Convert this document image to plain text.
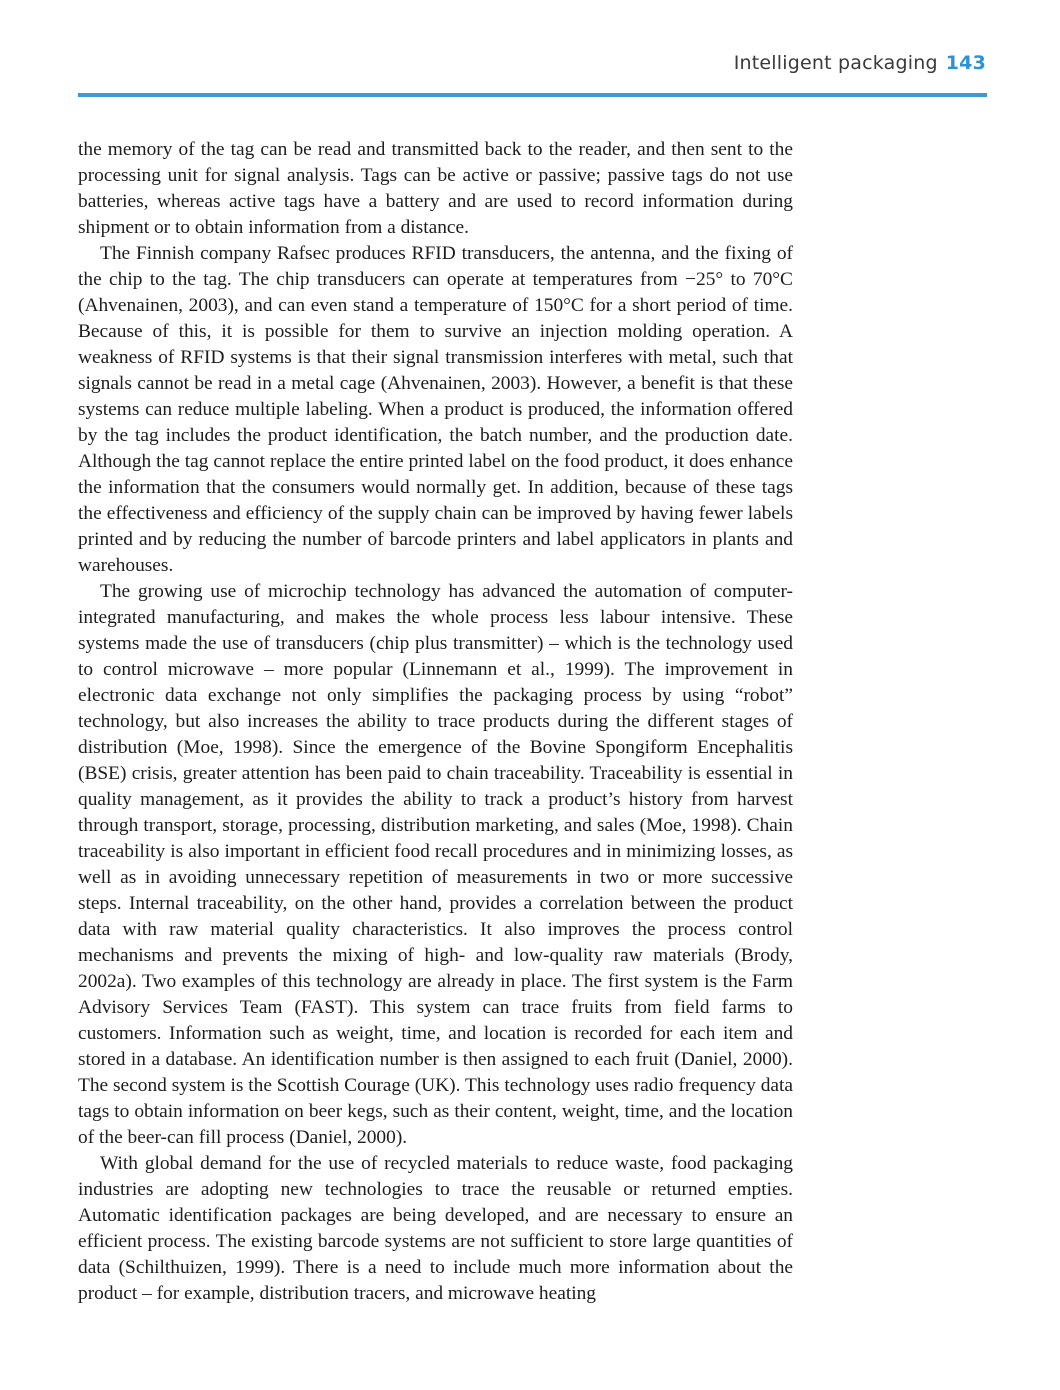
Intelligent packaging 143

the memory of the tag can be read and transmitted back to the reader, and then sent to the processing unit for signal analysis. Tags can be active or passive; passive tags do not use batteries, whereas active tags have a battery and are used to record information during shipment or to obtain information from a distance.

The Finnish company Rafsec produces RFID transducers, the antenna, and the fixing of the chip to the tag. The chip transducers can operate at temperatures from −25° to 70°C (Ahvenainen, 2003), and can even stand a temperature of 150°C for a short period of time. Because of this, it is possible for them to survive an injection molding operation. A weakness of RFID systems is that their signal transmission interferes with metal, such that signals cannot be read in a metal cage (Ahvenainen, 2003). However, a benefit is that these systems can reduce multiple labeling. When a product is produced, the information offered by the tag includes the product identification, the batch number, and the production date. Although the tag cannot replace the entire printed label on the food product, it does enhance the information that the consumers would normally get. In addition, because of these tags the effectiveness and efficiency of the supply chain can be improved by having fewer labels printed and by reducing the number of barcode printers and label applicators in plants and warehouses.

The growing use of microchip technology has advanced the automation of computer-integrated manufacturing, and makes the whole process less labour intensive. These systems made the use of transducers (chip plus transmitter) – which is the technology used to control microwave – more popular (Linnemann et al., 1999). The improvement in electronic data exchange not only simplifies the packaging process by using “robot” technology, but also increases the ability to trace products during the different stages of distribution (Moe, 1998). Since the emergence of the Bovine Spongiform Encephalitis (BSE) crisis, greater attention has been paid to chain traceability. Traceability is essential in quality management, as it provides the ability to track a product’s history from harvest through transport, storage, processing, distribution marketing, and sales (Moe, 1998). Chain traceability is also important in efficient food recall procedures and in minimizing losses, as well as in avoiding unnecessary repetition of measurements in two or more successive steps. Internal traceability, on the other hand, provides a correlation between the product data with raw material quality characteristics. It also improves the process control mechanisms and prevents the mixing of high- and low-quality raw materials (Brody, 2002a). Two examples of this technology are already in place. The first system is the Farm Advisory Services Team (FAST). This system can trace fruits from field farms to customers. Information such as weight, time, and location is recorded for each item and stored in a database. An identification number is then assigned to each fruit (Daniel, 2000). The second system is the Scottish Courage (UK). This technology uses radio frequency data tags to obtain information on beer kegs, such as their content, weight, time, and the location of the beer-can fill process (Daniel, 2000).

With global demand for the use of recycled materials to reduce waste, food packaging industries are adopting new technologies to trace the reusable or returned empties. Automatic identification packages are being developed, and are necessary to ensure an efficient process. The existing barcode systems are not sufficient to store large quantities of data (Schilthuizen, 1999). There is a need to include much more information about the product – for example, distribution tracers, and microwave heating
